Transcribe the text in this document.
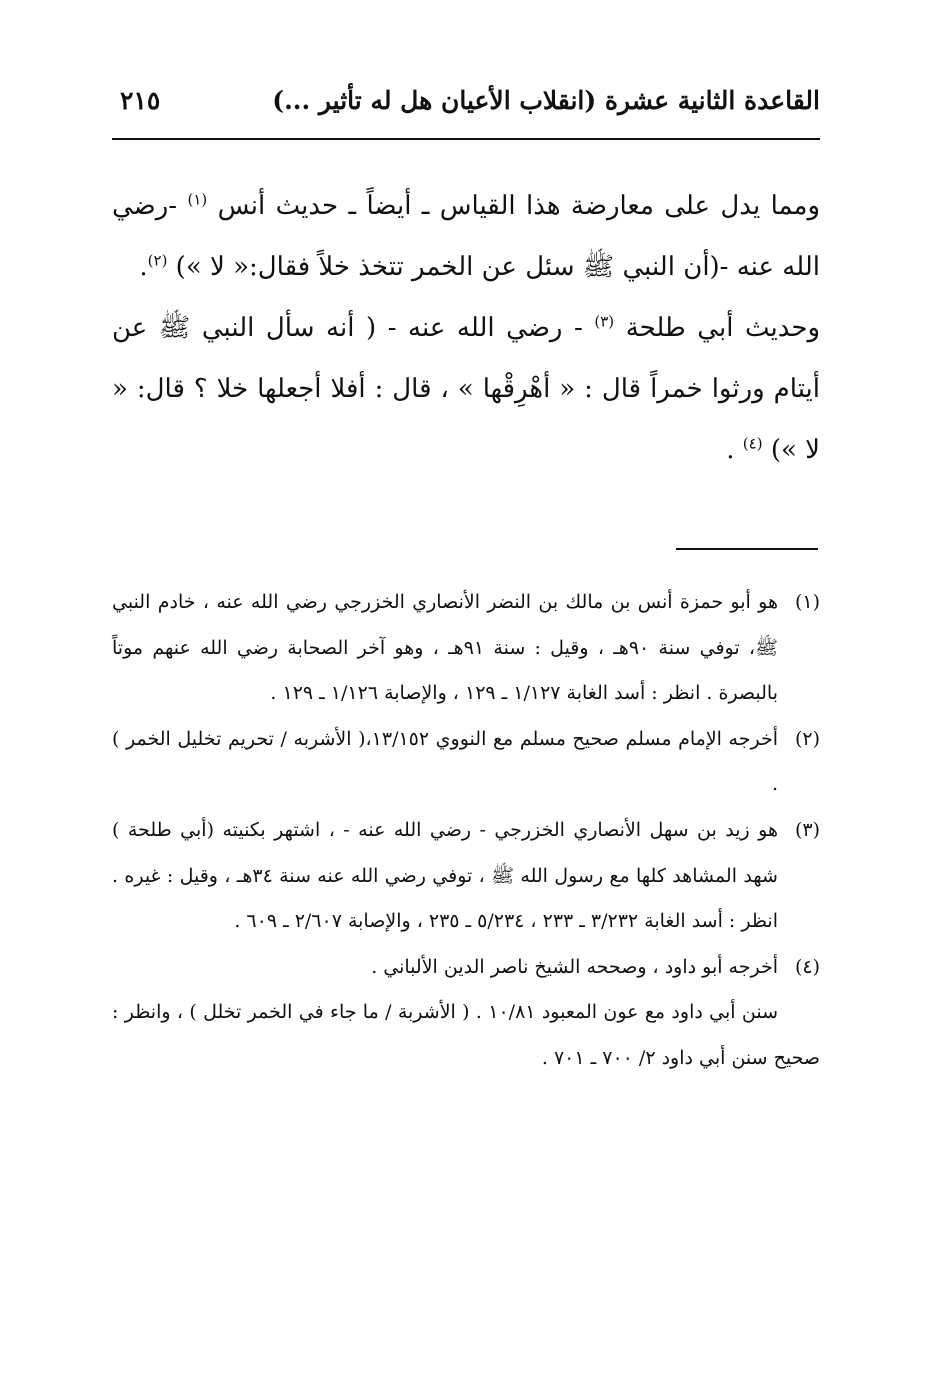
القاعدة الثانية عشرة (انقلاب الأعيان هل له تأثير ...)
٢١٥

ومما يدل على معارضة هذا القياس ـ أيضاً ـ حديث أنس $^{(١)}$ -رضي الله عنه -(أن النبي ﷺ سئل عن الخمر تتخذ خلاً فقال:« لا ») $^{(٢)}$.

وحديث أبي طلحة $^{(٣)}$ - رضي الله عنه - ( أنه سأل النبي ﷺ عن أيتام ورثوا خمراً قال : « أهْرِقْها » ، قال : أفلا أجعلها خلا ؟ قال: « لا ») $^{(٤)}$ .

(١)
هو أبو حمزة أنس بن مالك بن النضر الأنصاري الخزرجي رضي الله عنه ، خادم النبي ﷺ، توفي سنة ٩٠هـ ، وقيل : سنة ٩١هـ ، وهو آخر الصحابة رضي الله عنهم موتاً بالبصرة . انظر : أسد الغابة ١/١٢٧ ـ ١٢٩ ، والإصابة ١/١٢٦ ـ ١٢٩ .

(٢)
أخرجه الإمام مسلم صحيح مسلم مع النووي ١٣/١٥٢،( الأشربه / تحريم تخليل الخمر ) .

(٣)
هو زيد بن سهل الأنصاري الخزرجي - رضي الله عنه - ، اشتهر بكنيته (أبي طلحة ) شهد المشاهد كلها مع رسول الله ﷺ ، توفي رضي الله عنه سنة ٣٤هـ ، وقيل : غيره . انظر : أسد الغابة ٣/٢٣٢ ـ ٢٣٣ ، ٥/٢٣٤ ـ ٢٣٥ ، والإصابة ٢/٦٠٧ ـ ٦٠٩ .

(٤)
أخرجه أبو داود ، وصححه الشيخ ناصر الدين الألباني .

سنن أبي داود مع عون المعبود ١٠/٨١ . ( الأشربة / ما جاء في الخمر تخلل ) ، وانظر : صحيح سنن أبي داود ٢/ ٧٠٠ ـ ٧٠١ .
